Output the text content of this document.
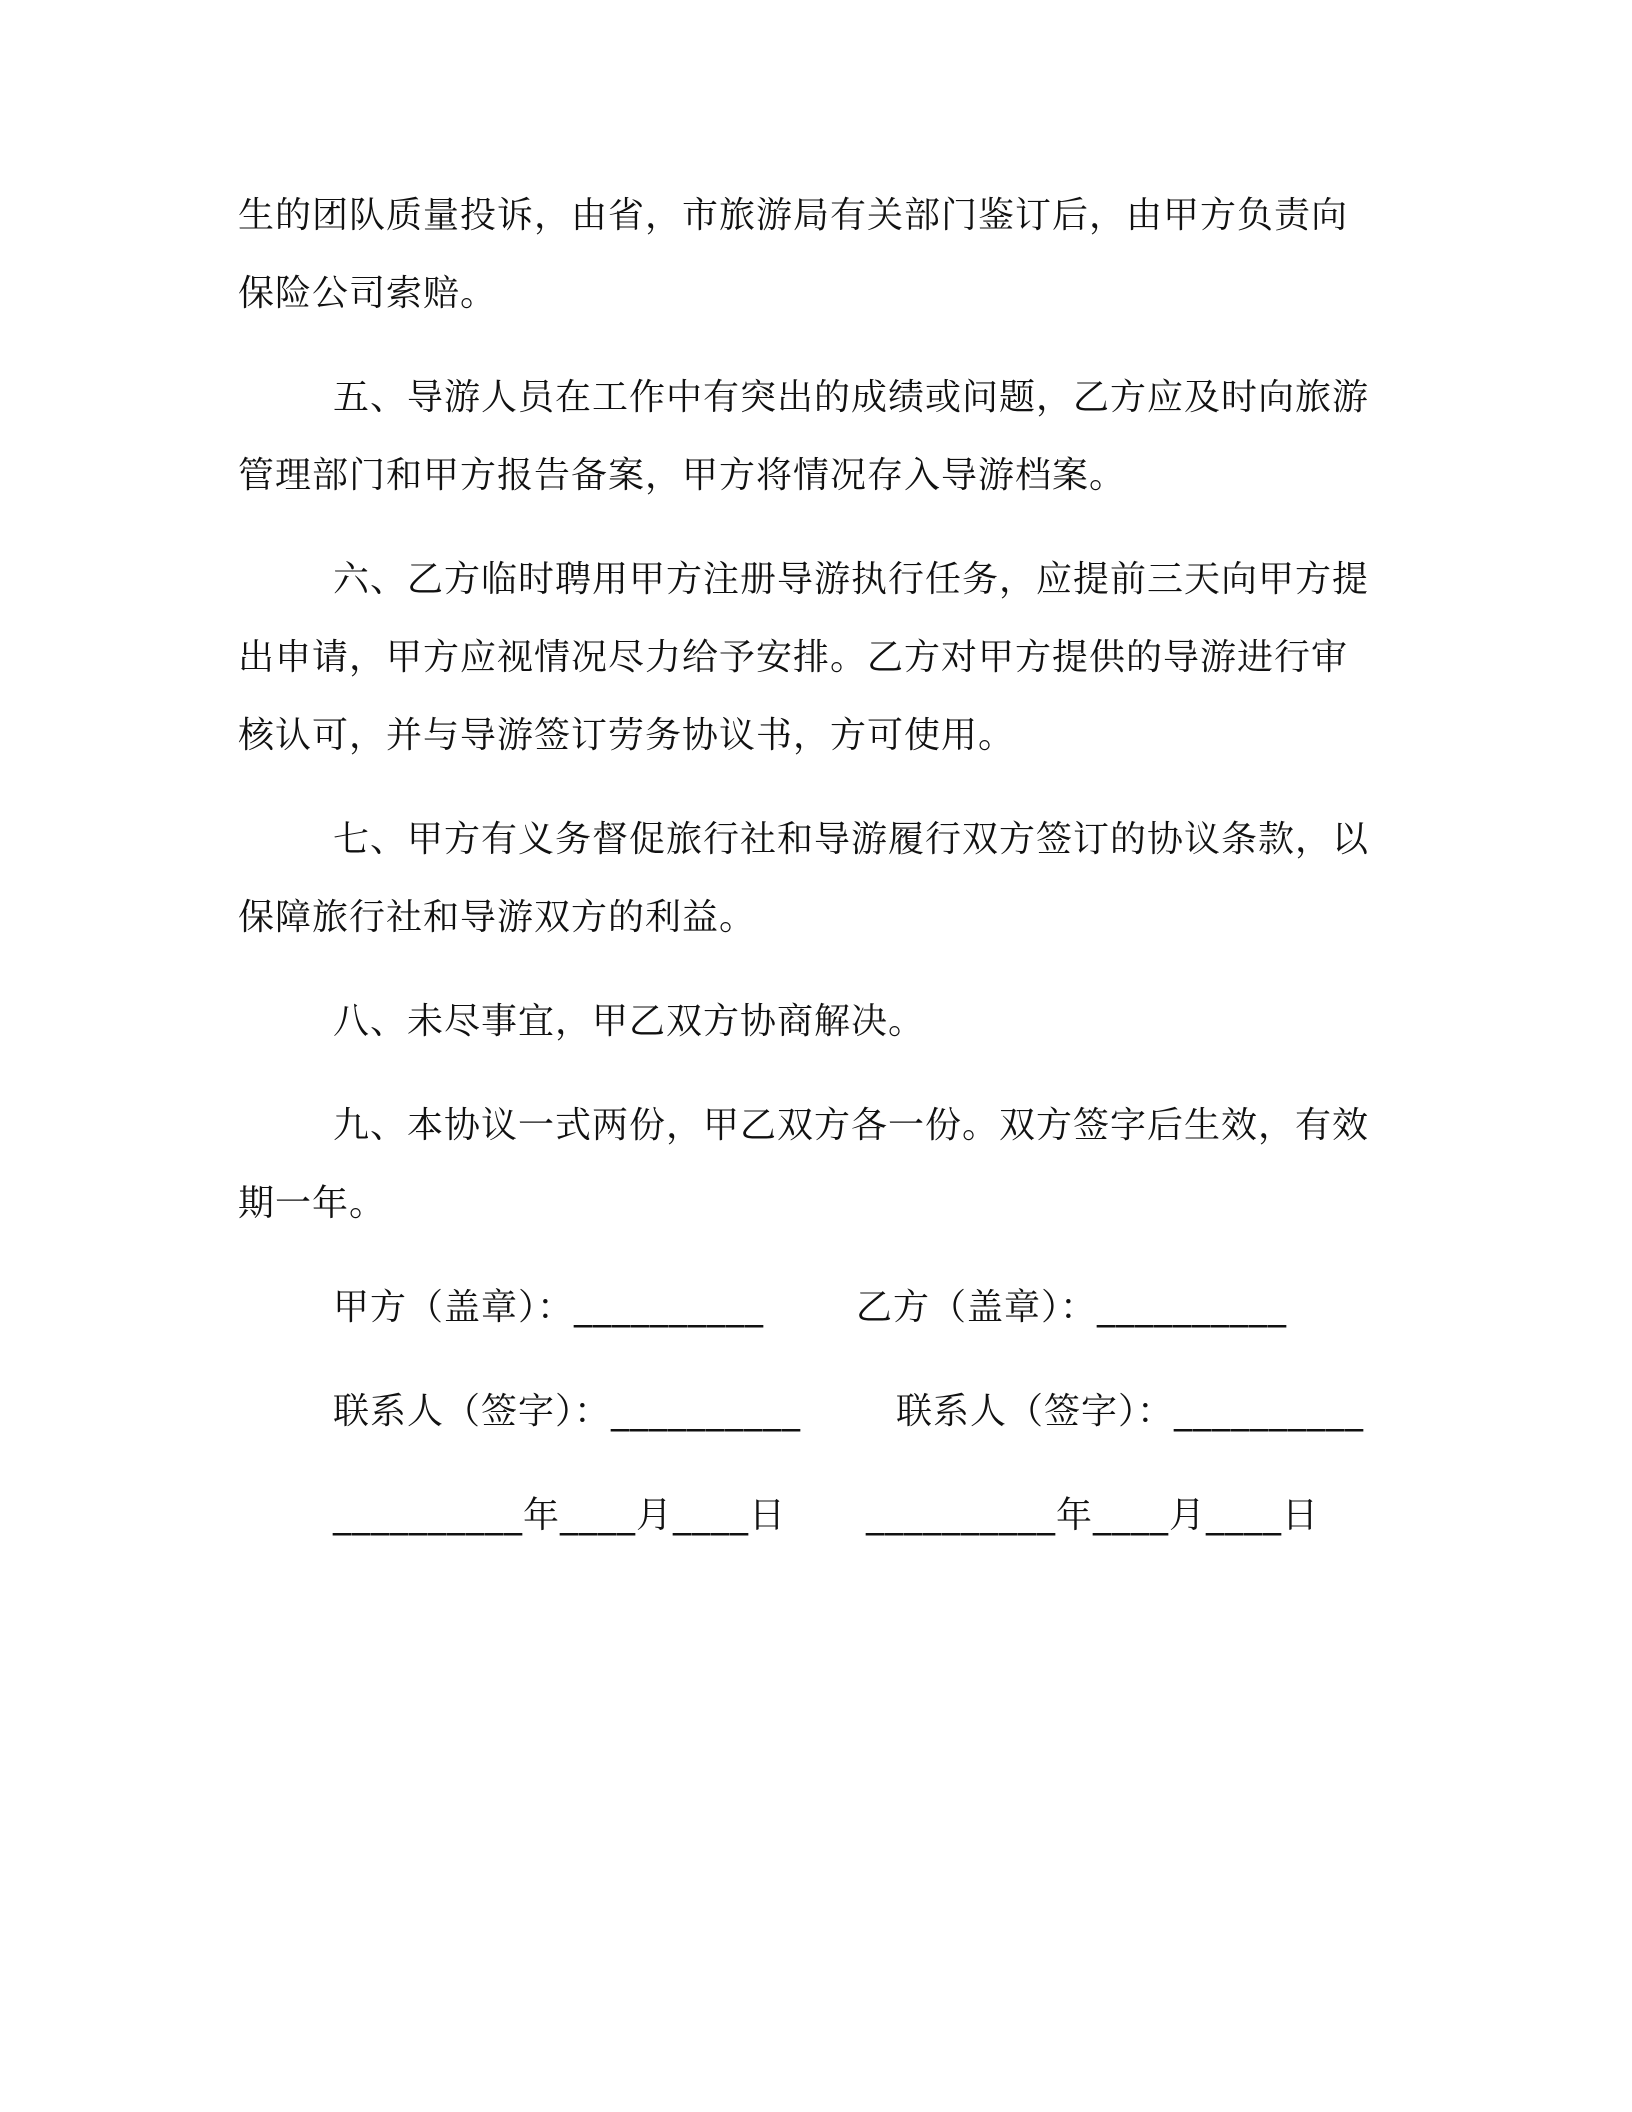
生的团队质量投诉，由省，市旅游局有关部门鉴订后，由甲方负责向
保险公司索赔。
五、导游人员在工作中有突出的成绩或问题，乙方应及时向旅游
管理部门和甲方报告备案，甲方将情况存入导游档案。
六、乙方临时聘用甲方注册导游执行任务，应提前三天向甲方提
出申请，甲方应视情况尽力给予安排。乙方对甲方提供的导游进行审
核认可，并与导游签订劳务协议书，方可使用。
七、甲方有义务督促旅行社和导游履行双方签订的协议条款，以
保障旅行社和导游双方的利益。
八、未尽事宜，甲乙双方协商解决。
九、本协议一式两份，甲乙双方各一份。双方签字后生效，有效
期一年。
甲方（盖章）：__________	乙方（盖章）：__________
联系人（签字）：__________	联系人（签字）：__________
__________年____月____日 __________年____月____日
